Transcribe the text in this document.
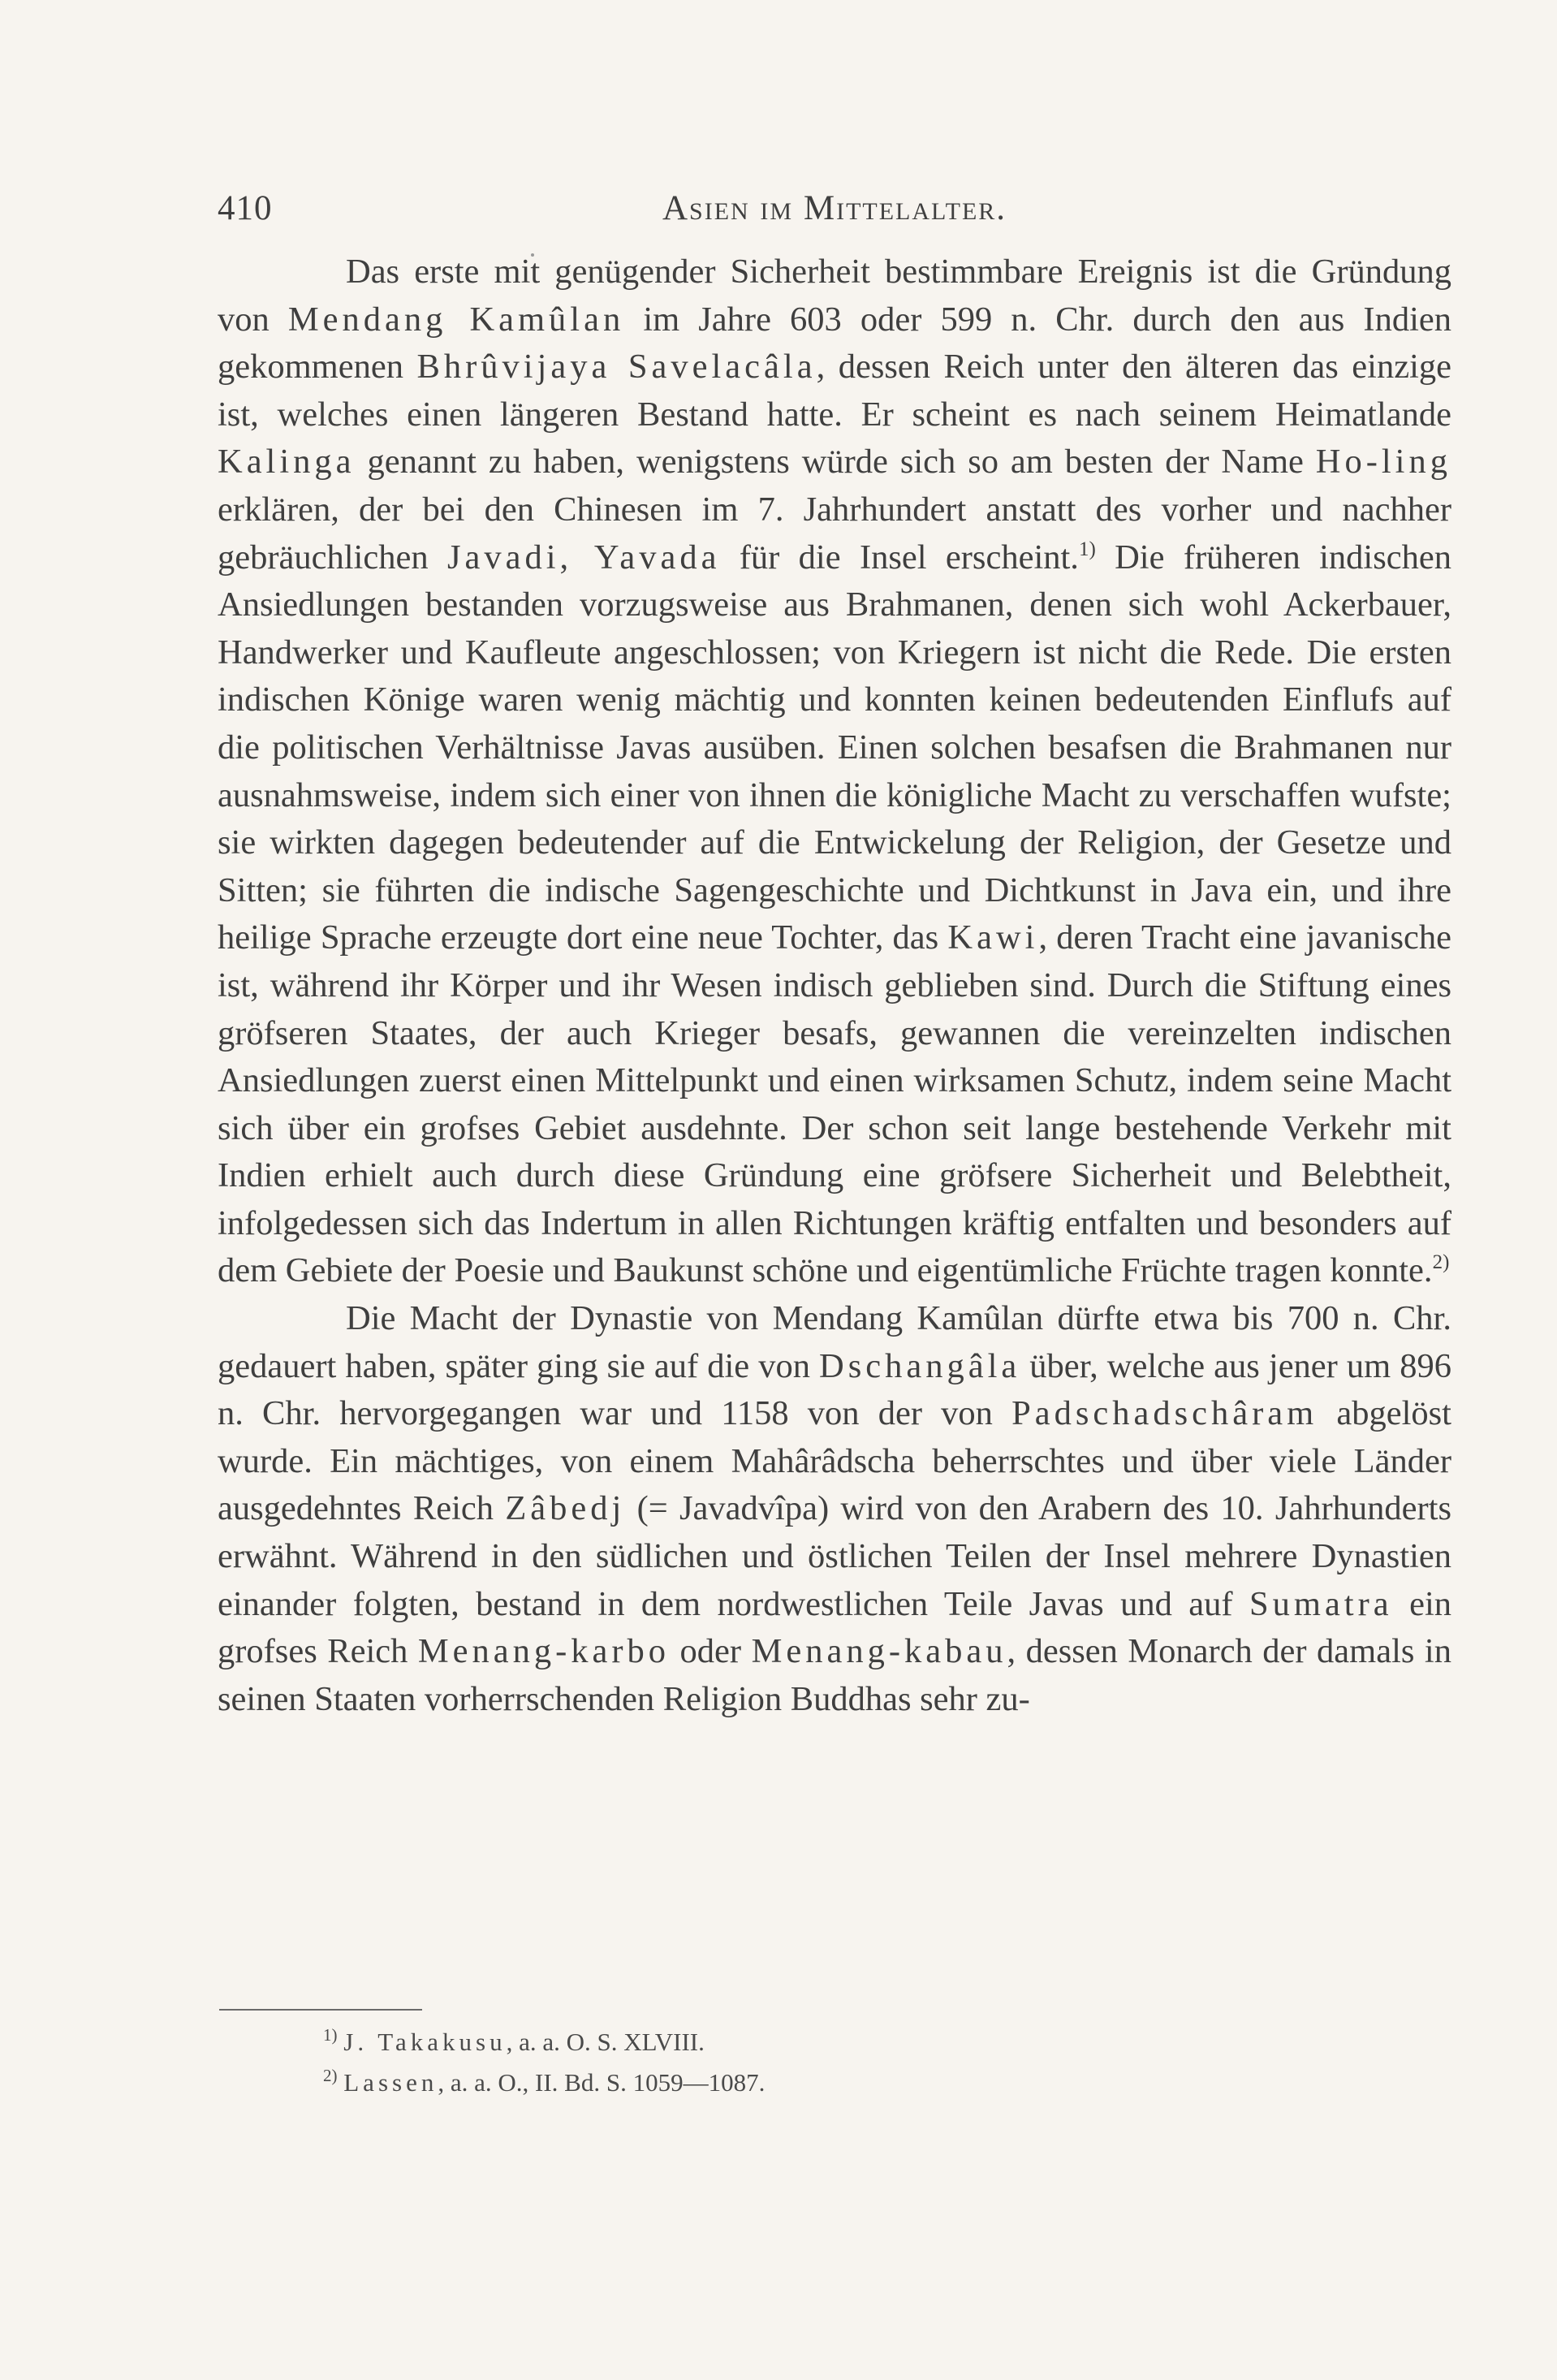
410	Asien im Mittelalter.

Das erste mit genügender Sicherheit bestimmbare Ereignis ist die Gründung von Mendang Kamûlan im Jahre 603 oder 599 n. Chr. durch den aus Indien gekommenen Bhrûvijaya Savelacâla, dessen Reich unter den älteren das einzige ist, welches einen längeren Bestand hatte. Er scheint es nach seinem Heimatlande Kalinga genannt zu haben, wenigstens würde sich so am besten der Name Ho-ling erklären, der bei den Chinesen im 7. Jahrhundert anstatt des vorher und nachher gebräuchlichen Javadi, Yavada für die Insel erscheint.$^{1)}$ Die früheren indischen Ansiedlungen bestanden vorzugsweise aus Brahmanen, denen sich wohl Ackerbauer, Handwerker und Kaufleute angeschlossen; von Kriegern ist nicht die Rede. Die ersten indischen Könige waren wenig mächtig und konnten keinen bedeutenden Einflufs auf die politischen Verhältnisse Javas ausüben. Einen solchen besafsen die Brahmanen nur ausnahmsweise, indem sich einer von ihnen die königliche Macht zu verschaffen wufste; sie wirkten dagegen bedeutender auf die Entwickelung der Religion, der Gesetze und Sitten; sie führten die indische Sagengeschichte und Dichtkunst in Java ein, und ihre heilige Sprache erzeugte dort eine neue Tochter, das Kawi, deren Tracht eine javanische ist, während ihr Körper und ihr Wesen indisch geblieben sind. Durch die Stiftung eines gröfseren Staates, der auch Krieger besafs, gewannen die vereinzelten indischen Ansiedlungen zuerst einen Mittelpunkt und einen wirksamen Schutz, indem seine Macht sich über ein grofses Gebiet ausdehnte. Der schon seit lange bestehende Verkehr mit Indien erhielt auch durch diese Gründung eine gröfsere Sicherheit und Belebtheit, infolgedessen sich das Indertum in allen Richtungen kräftig entfalten und besonders auf dem Gebiete der Poesie und Baukunst schöne und eigentümliche Früchte tragen konnte.$^{2)}$

Die Macht der Dynastie von Mendang Kamûlan dürfte etwa bis 700 n. Chr. gedauert haben, später ging sie auf die von Dschangâla über, welche aus jener um 896 n. Chr. hervorgegangen war und 1158 von der von Padschadschâram abgelöst wurde. Ein mächtiges, von einem Mahârâdscha beherrschtes und über viele Länder ausgedehntes Reich Zâbedj (= Javadvîpa) wird von den Arabern des 10. Jahrhunderts erwähnt. Während in den südlichen und östlichen Teilen der Insel mehrere Dynastien einander folgten, bestand in dem nordwestlichen Teile Javas und auf Sumatra ein grofses Reich Menang-karbo oder Menang-kabau, dessen Monarch der damals in seinen Staaten vorherrschenden Religion Buddhas sehr zu-

$^{1)}$ J. Takakusu, a. a. O. S. XLVIII.
$^{2)}$ Lassen, a. a. O., II. Bd. S. 1059—1087.
